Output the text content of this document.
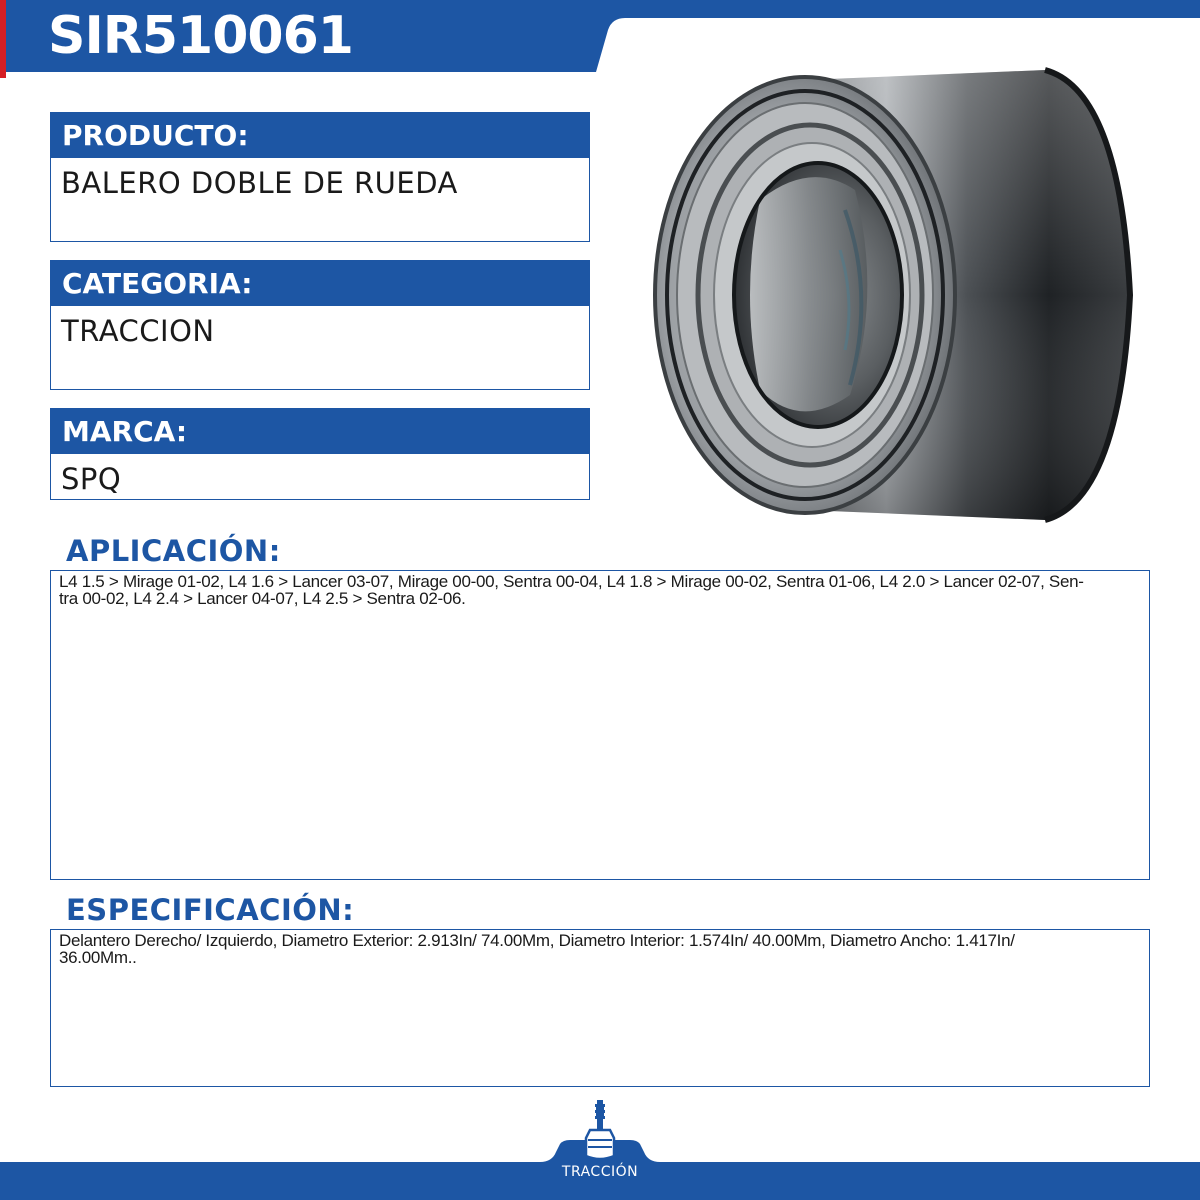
SIR510061
PRODUCTO:
BALERO DOBLE DE RUEDA
CATEGORIA:
TRACCION
MARCA:
SPQ
APLICACIÓN:
L4 1.5 > Mirage 01-02, L4 1.6 > Lancer 03-07, Mirage 00-00, Sentra 00-04, L4 1.8 > Mirage 00-02, Sentra 01-06, L4 2.0 > Lancer 02-07, Sen-
tra 00-02, L4 2.4 > Lancer 04-07, L4 2.5 > Sentra 02-06.
ESPECIFICACIÓN:
Delantero Derecho/ Izquierdo, Diametro Exterior: 2.913In/ 74.00Mm, Diametro Interior: 1.574In/ 40.00Mm, Diametro Ancho: 1.417In/
36.00Mm..
TRACCIÓN
